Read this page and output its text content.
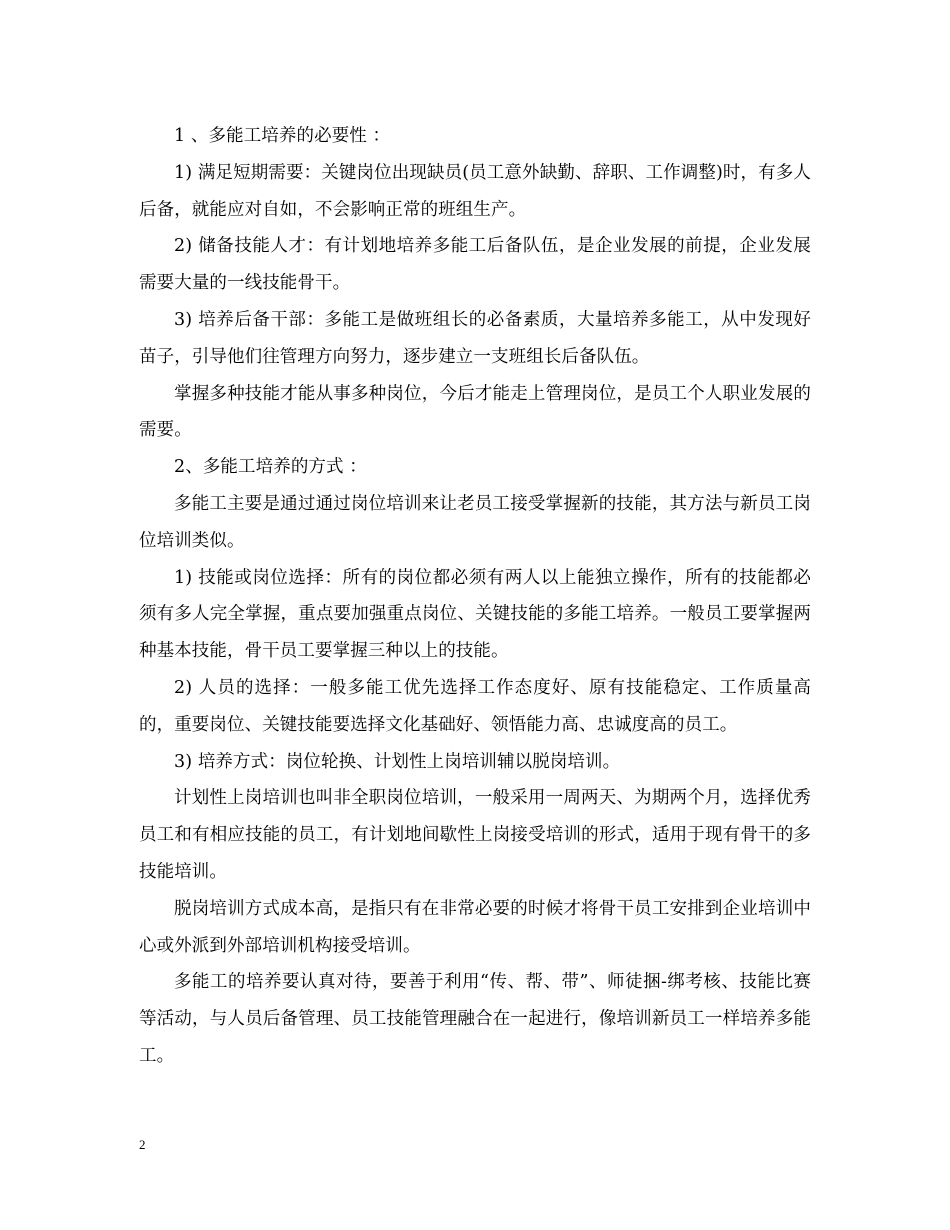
1 、多能工培养的必要性 ：

1) 满足短期需要：关键岗位出现缺员(员工意外缺勤、辞职、工作调整)时，有多人后备，就能应对自如，不会影响正常的班组生产。

2) 储备技能人才：有计划地培养多能工后备队伍，是企业发展的前提，企业发展需要大量的一线技能骨干。

3) 培养后备干部：多能工是做班组长的必备素质，大量培养多能工，从中发现好苗子，引导他们往管理方向努力，逐步建立一支班组长后备队伍。

掌握多种技能才能从事多种岗位，今后才能走上管理岗位，是员工个人职业发展的需要。

2、多能工培养的方式 ：

多能工主要是通过通过岗位培训来让老员工接受掌握新的技能，其方法与新员工岗位培训类似。

1) 技能或岗位选择：所有的岗位都必须有两人以上能独立操作，所有的技能都必须有多人完全掌握，重点要加强重点岗位、关键技能的多能工培养。一般员工要掌握两种基本技能，骨干员工要掌握三种以上的技能。

2) 人员的选择：一般多能工优先选择工作态度好、原有技能稳定、工作质量高的，重要岗位、关键技能要选择文化基础好、领悟能力高、忠诚度高的员工。

3) 培养方式：岗位轮换、计划性上岗培训辅以脱岗培训。

计划性上岗培训也叫非全职岗位培训，一般采用一周两天、为期两个月，选择优秀员工和有相应技能的员工，有计划地间歇性上岗接受培训的形式，适用于现有骨干的多技能培训。

脱岗培训方式成本高，是指只有在非常必要的时候才将骨干员工安排到企业培训中心或外派到外部培训机构接受培训。

多能工的培养要认真对待，要善于利用“传、帮、带”、师徒捆-绑考核、技能比赛等活动，与人员后备管理、员工技能管理融合在一起进行，像培训新员工一样培养多能工。

2
